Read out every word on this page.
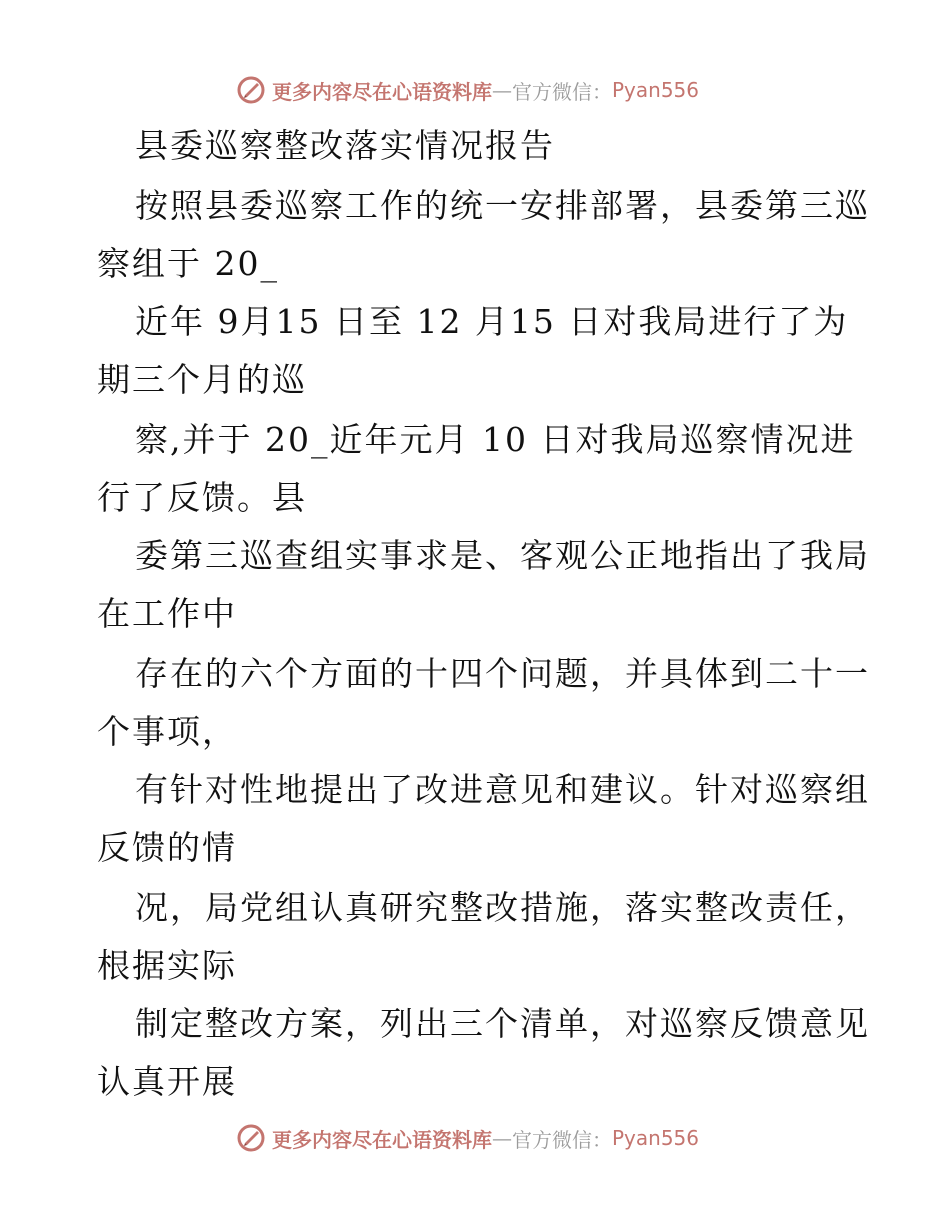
更多内容尽在心语资料库 — 官方微信： Pyan556
县委巡察整改落实情况报告
按照县委巡察工作的统一安排部署，县委第三巡
察组于 20_
近年 9月15 日至 12 月15 日对我局进行了为
期三个月的巡
察,并于 20_近年元月 10 日对我局巡察情况进
行了反馈。县
委第三巡查组实事求是、客观公正地指出了我局
在工作中
存在的六个方面的十四个问题，并具体到二十一
个事项，
有针对性地提出了改进意见和建议。针对巡察组
反馈的情
况，局党组认真研究整改措施，落实整改责任，
根据实际
制定整改方案，列出三个清单，对巡察反馈意见
认真开展
更多内容尽在心语资料库 — 官方微信： Pyan556
